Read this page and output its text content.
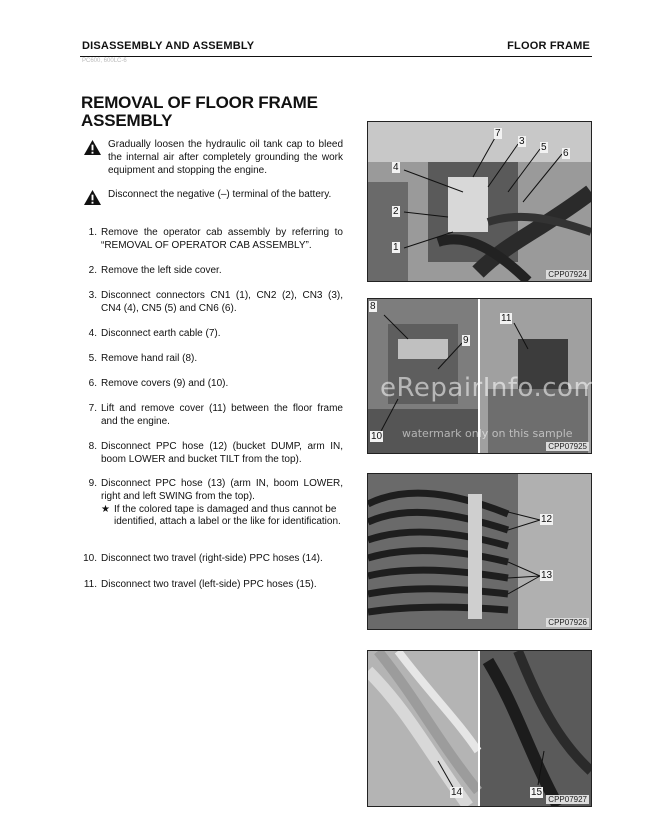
DISASSEMBLY AND ASSEMBLY	FLOOR FRAME
PC600, 600LC-6
REMOVAL OF FLOOR FRAME ASSEMBLY
Gradually loosen the hydraulic oil tank cap to bleed the internal air after completely grounding the work equipment and stopping the engine.
Disconnect the negative (–) terminal of the battery.
1. Remove the operator cab assembly by referring to “REMOVAL OF OPERATOR CAB ASSEMBLY”.
2. Remove the left side cover.
3. Disconnect connectors CN1 (1), CN2 (2), CN3 (3), CN4 (4), CN5 (5) and CN6 (6).
4. Disconnect earth cable (7).
5. Remove hand rail (8).
6. Remove covers (9) and (10).
7. Lift and remove cover (11) between the floor frame and the engine.
8. Disconnect PPC hose (12) (bucket DUMP, arm IN, boom LOWER and bucket TILT from the top).
9. Disconnect PPC hose (13) (arm IN, boom LOWER, right and left SWING from the top).
★ If the colored tape is damaged and thus cannot be identified, attach a label or the like for identification.
10. Disconnect two travel (right-side) PPC hoses (14).
11. Disconnect two travel (left-side) PPC hoses (15).
7
3
5
6
4
2
1
CPP07924
8
11
9
10
CPP07925
eRepairInfo.com
watermark only on this sample
12
13
CPP07926
14	15
CPP07927
